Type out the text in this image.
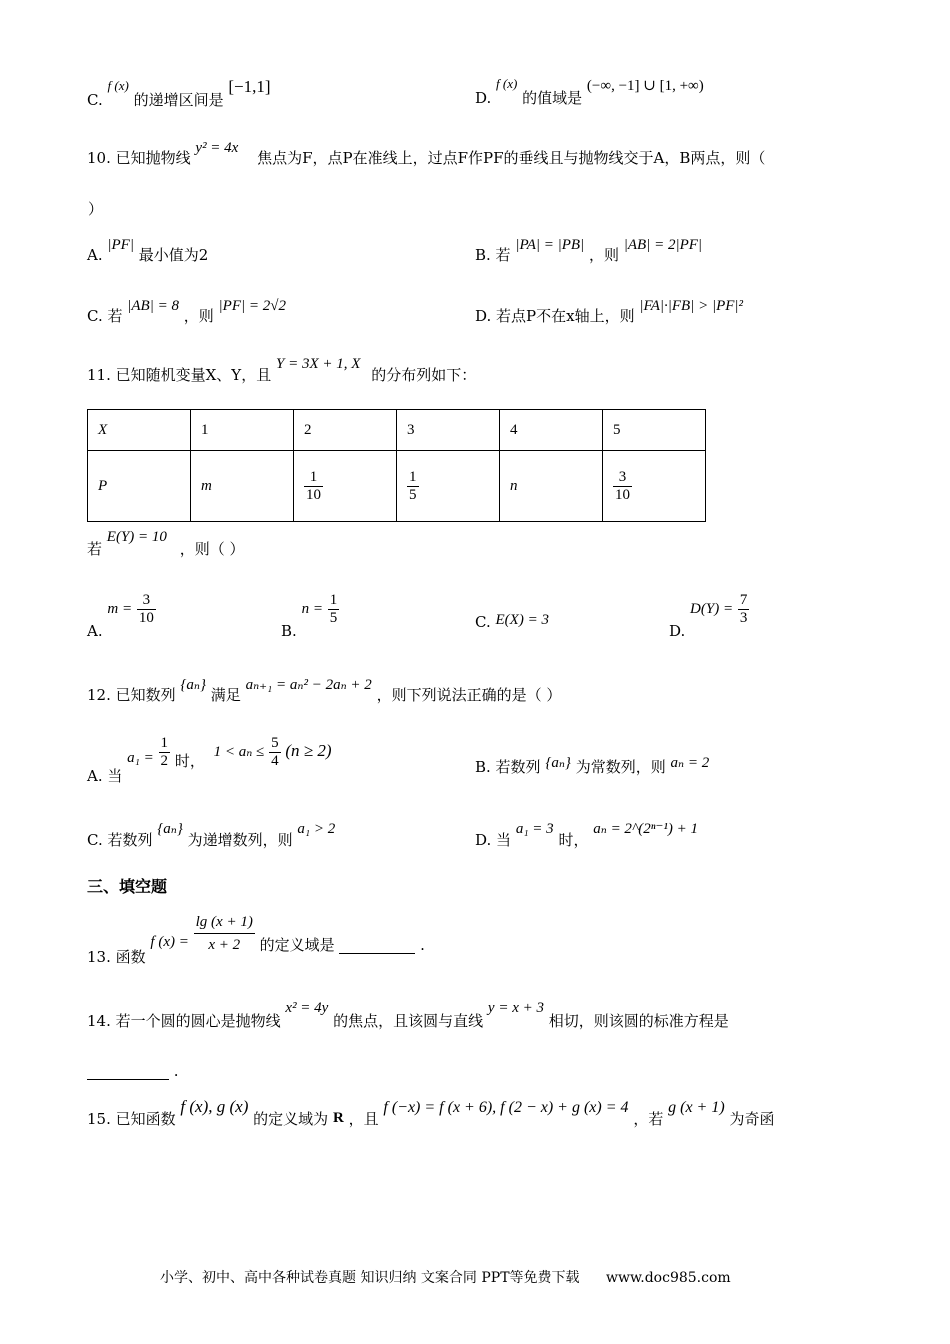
C. f (x) 的递增区间是 [−1,1]
D. f (x) 的值域是 (−∞, −1] ∪ [1, +∞)
10. 已知抛物线 y² = 4x 焦点为F，点P在准线上，过点F作PF的垂线且与抛物线交于A，B两点，则（
）
A. |PF| 最小值为2	B. 若 |PA| = |PB| ，则 |AB| = 2|PF|
C. 若 |AB| = 8 ，则 |PF| = 2√2
D. 若点P不在x轴上，则 |FA|·|FB| > |PF|²
11. 已知随机变量X、Y，且 Y = 3X + 1, X 的分布列如下：
X	1	2	3	4	5
P	m	$\frac{1}{10}$	$\frac{1}{5}$	n	$\frac{3}{10}$
若 E(Y) = 10 ，则（ ）
A. $m = \frac{3}{10}$
B. $n = \frac{1}{5}$	C. E(X) = 3
D. $D(Y) = \frac{7}{3}$
12. 已知数列 {aₙ} 满足 aₙ₊₁ = aₙ² − 2aₙ + 2 ，则下列说法正确的是（ ）
A. 当 $a_1 = \frac{1}{2}$ 时， $1 < a_n \le \frac{5}{4} (n \ge 2)$
B. 若数列 {aₙ} 为常数列，则 aₙ = 2
C. 若数列 {aₙ} 为递增数列，则 a₁ > 2
D. 当 a₁ = 3 时， aₙ = 2^(2ⁿ⁻¹) + 1
三、填空题
13. 函数 f $(x) = \frac{\lg (x + 1)}{x + 2}$ 的定义域是	.
14. 若一个圆的圆心是抛物线 x² = 4y 的焦点，且该圆与直线 y = x + 3 相切，则该圆的标准方程是
.
15. 已知函数 f (x), g (x) 的定义域为 R ，且 f (−x) = f (x + 6), f (2 − x) + g (x) = 4 ，若 g (x + 1) 为奇函
小学、初中、高中各种试卷真题 知识归纳 文案合同 PPT等免费下载 www.doc985.com
